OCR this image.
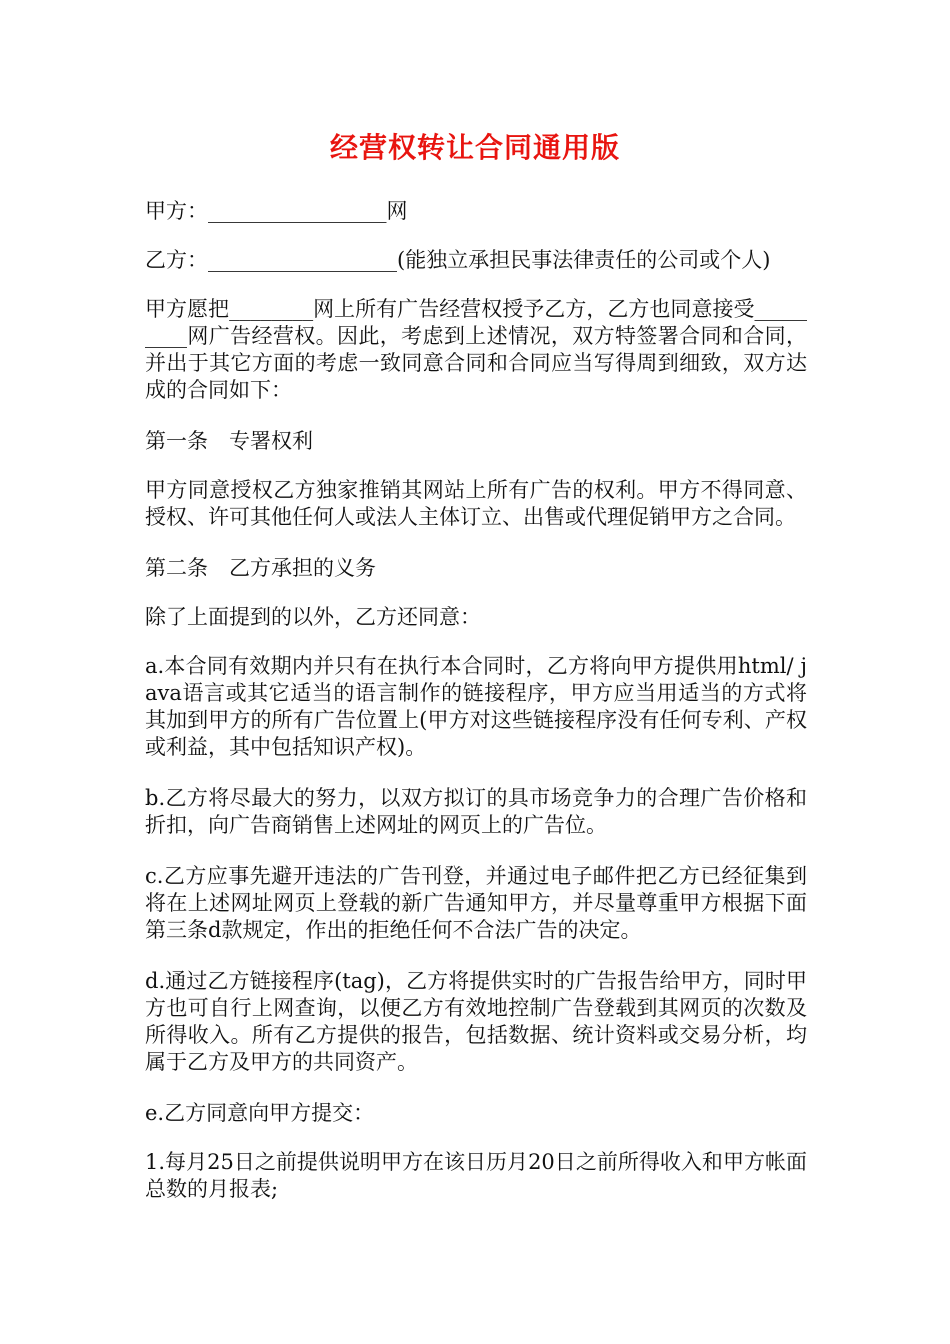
经营权转让合同通用版

甲方：_________________网

乙方：__________________(能独立承担民事法律责任的公司或个人)

甲方愿把________网上所有广告经营权授予乙方，乙方也同意接受_________网广告经营权。因此，考虑到上述情况，双方特签署合同和合同，并出于其它方面的考虑一致同意合同和合同应当写得周到细致，双方达成的合同如下：

第一条　专署权利

甲方同意授权乙方独家推销其网站上所有广告的权利。甲方不得同意、授权、许可其他任何人或法人主体订立、出售或代理促销甲方之合同。

第二条　乙方承担的义务

除了上面提到的以外，乙方还同意：

a.本合同有效期内并只有在执行本合同时，乙方将向甲方提供用html/ java语言或其它适当的语言制作的链接程序，甲方应当用适当的方式将其加到甲方的所有广告位置上(甲方对这些链接程序没有任何专利、产权或利益，其中包括知识产权)。

b.乙方将尽最大的努力，以双方拟订的具市场竞争力的合理广告价格和折扣，向广告商销售上述网址的网页上的广告位。

c.乙方应事先避开违法的广告刊登，并通过电子邮件把乙方已经征集到将在上述网址网页上登载的新广告通知甲方，并尽量尊重甲方根据下面第三条d款规定，作出的拒绝任何不合法广告的决定。

d.通过乙方链接程序(tag)，乙方将提供实时的广告报告给甲方，同时甲方也可自行上网查询，以便乙方有效地控制广告登载到其网页的次数及所得收入。所有乙方提供的报告，包括数据、统计资料或交易分析，均属于乙方及甲方的共同资产。

e.乙方同意向甲方提交：

1.每月25日之前提供说明甲方在该日历月20日之前所得收入和甲方帐面总数的月报表;
